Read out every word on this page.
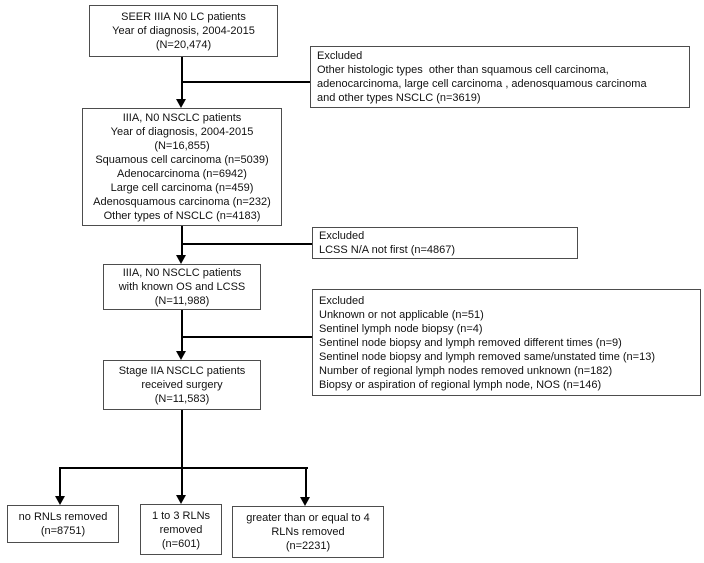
SEER IIIA N0 LC patients
Year of diagnosis, 2004-2015
(N=20,474)
Excluded
Other histologic types  other than squamous cell carcinoma,
adenocarcinoma, large cell carcinoma , adenosquamous carcinoma
and other types NSCLC (n=3619)
IIIA, N0 NSCLC patients
Year of diagnosis, 2004-2015
(N=16,855)
Squamous cell carcinoma (n=5039)
Adenocarcinoma (n=6942)
Large cell carcinoma (n=459)
Adenosquamous carcinoma (n=232)
Other types of NSCLC (n=4183)
Excluded
LCSS N/A not first (n=4867)
IIIA, N0 NSCLC patients
with known OS and LCSS
(N=11,988)	Excluded
Unknown or not applicable (n=51)
Sentinel lymph node biopsy (n=4)
Sentinel node biopsy and lymph removed different times (n=9)
Sentinel node biopsy and lymph removed same/unstated time (n=13)
Number of regional lymph nodes removed unknown (n=182)
Biopsy or aspiration of regional lymph node, NOS (n=146)
Stage IIA NSCLC patients
received surgery
(N=11,583)
no RNLs removed
(n=8751)
1 to 3 RLNs
removed
(n=601)
greater than or equal to 4
RLNs removed
(n=2231)
